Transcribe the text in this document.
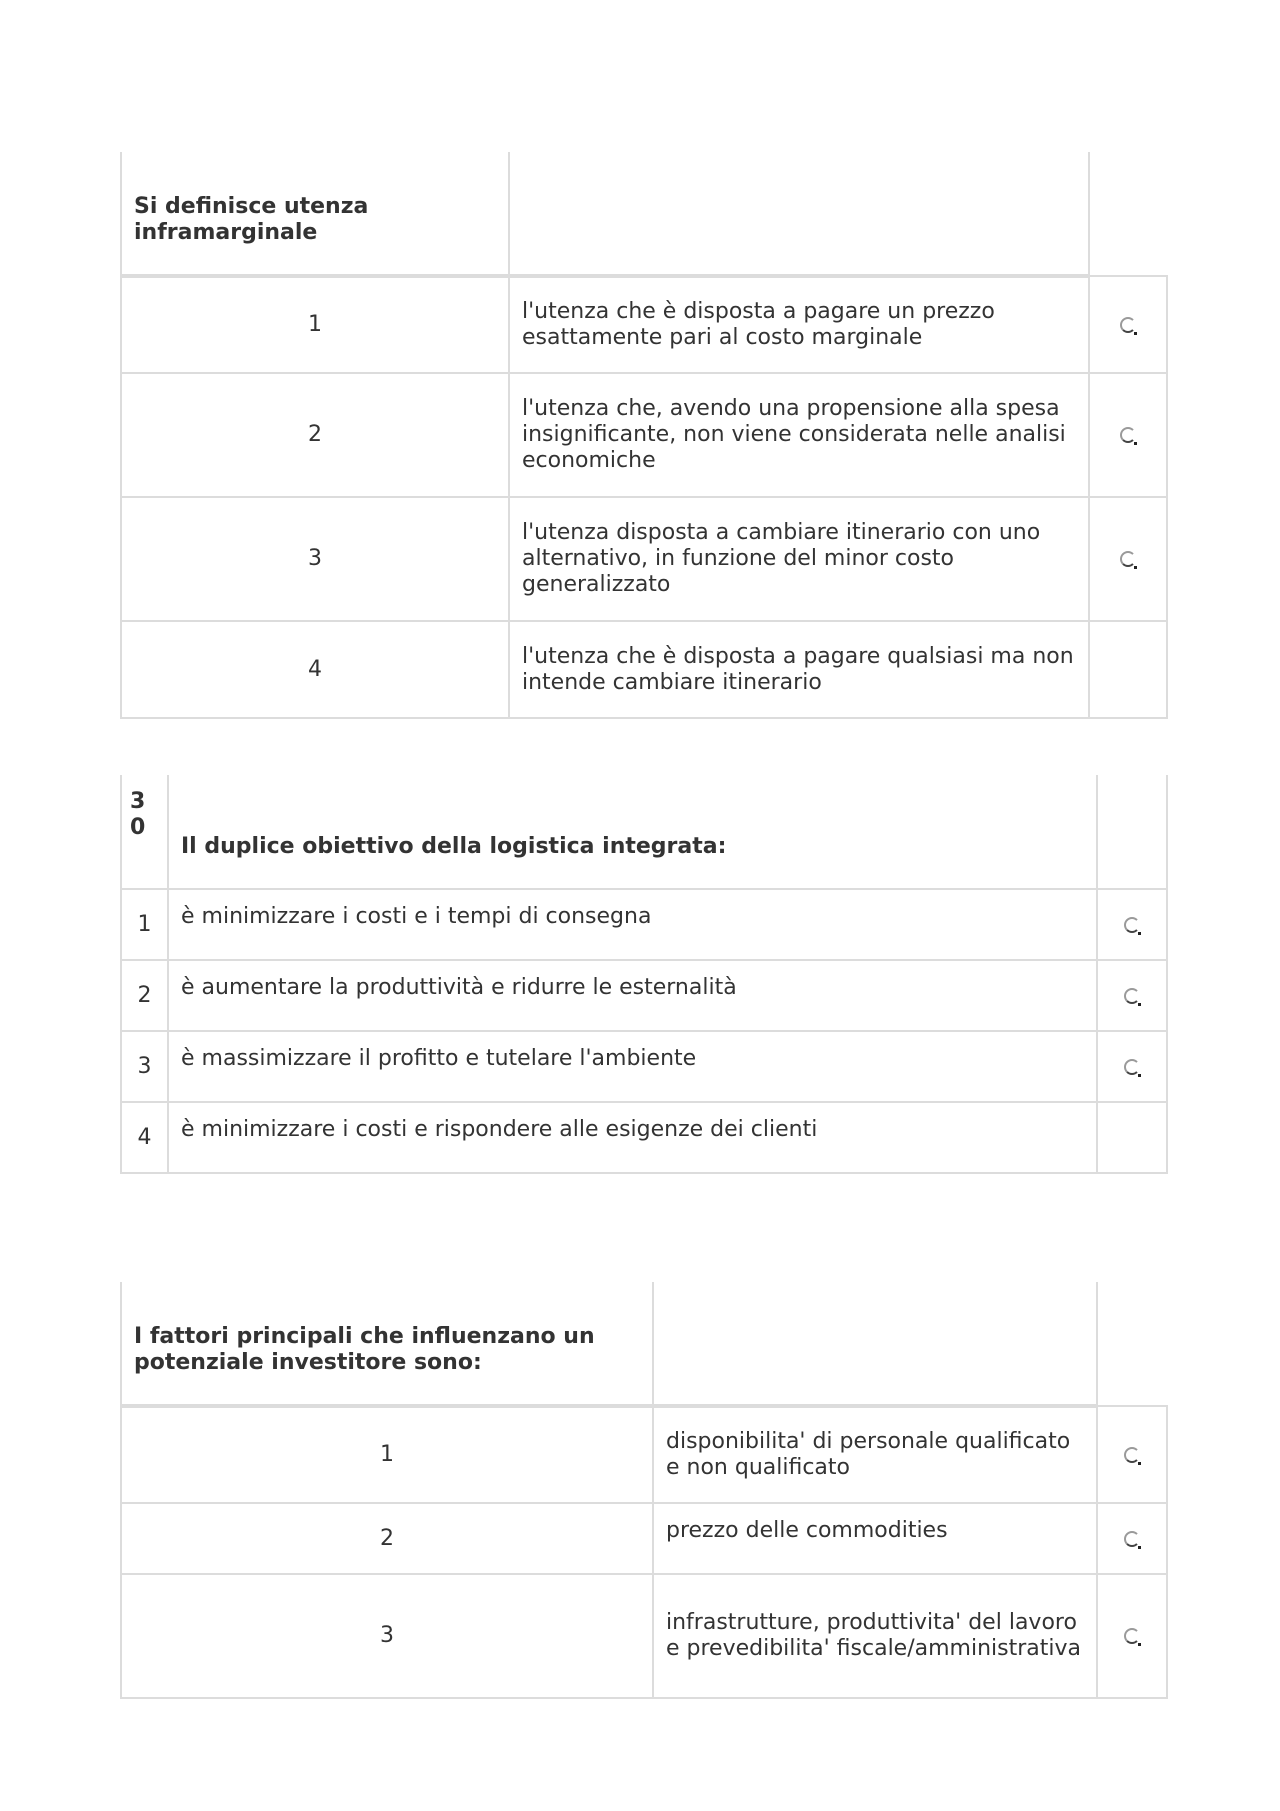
Si definisce utenza inframarginale		
1	l'utenza che è disposta a pagare un prezzo esattamente pari al costo marginale	
2	l'utenza che, avendo una propensione alla spesa insignificante, non viene considerata nelle analisi economiche	
3	l'utenza disposta a cambiare itinerario con uno alternativo, in funzione del minor costo generalizzato	
4	l'utenza che è disposta a pagare qualsiasi ma non intende cambiare itinerario	
30	Il duplice obiettivo della logistica integrata:	
1	è minimizzare i costi e i tempi di consegna	
2	è aumentare la produttività e ridurre le esternalità	
3	è massimizzare il profitto e tutelare l'ambiente	
4	è minimizzare i costi e rispondere alle esigenze dei clienti	
I fattori principali che influenzano un potenziale investitore sono:		
1	disponibilita' di personale qualificato e non qualificato	
2	prezzo delle commodities	
3	infrastrutture, produttivita' del lavoro e prevedibilita' fiscale/amministrativa	
